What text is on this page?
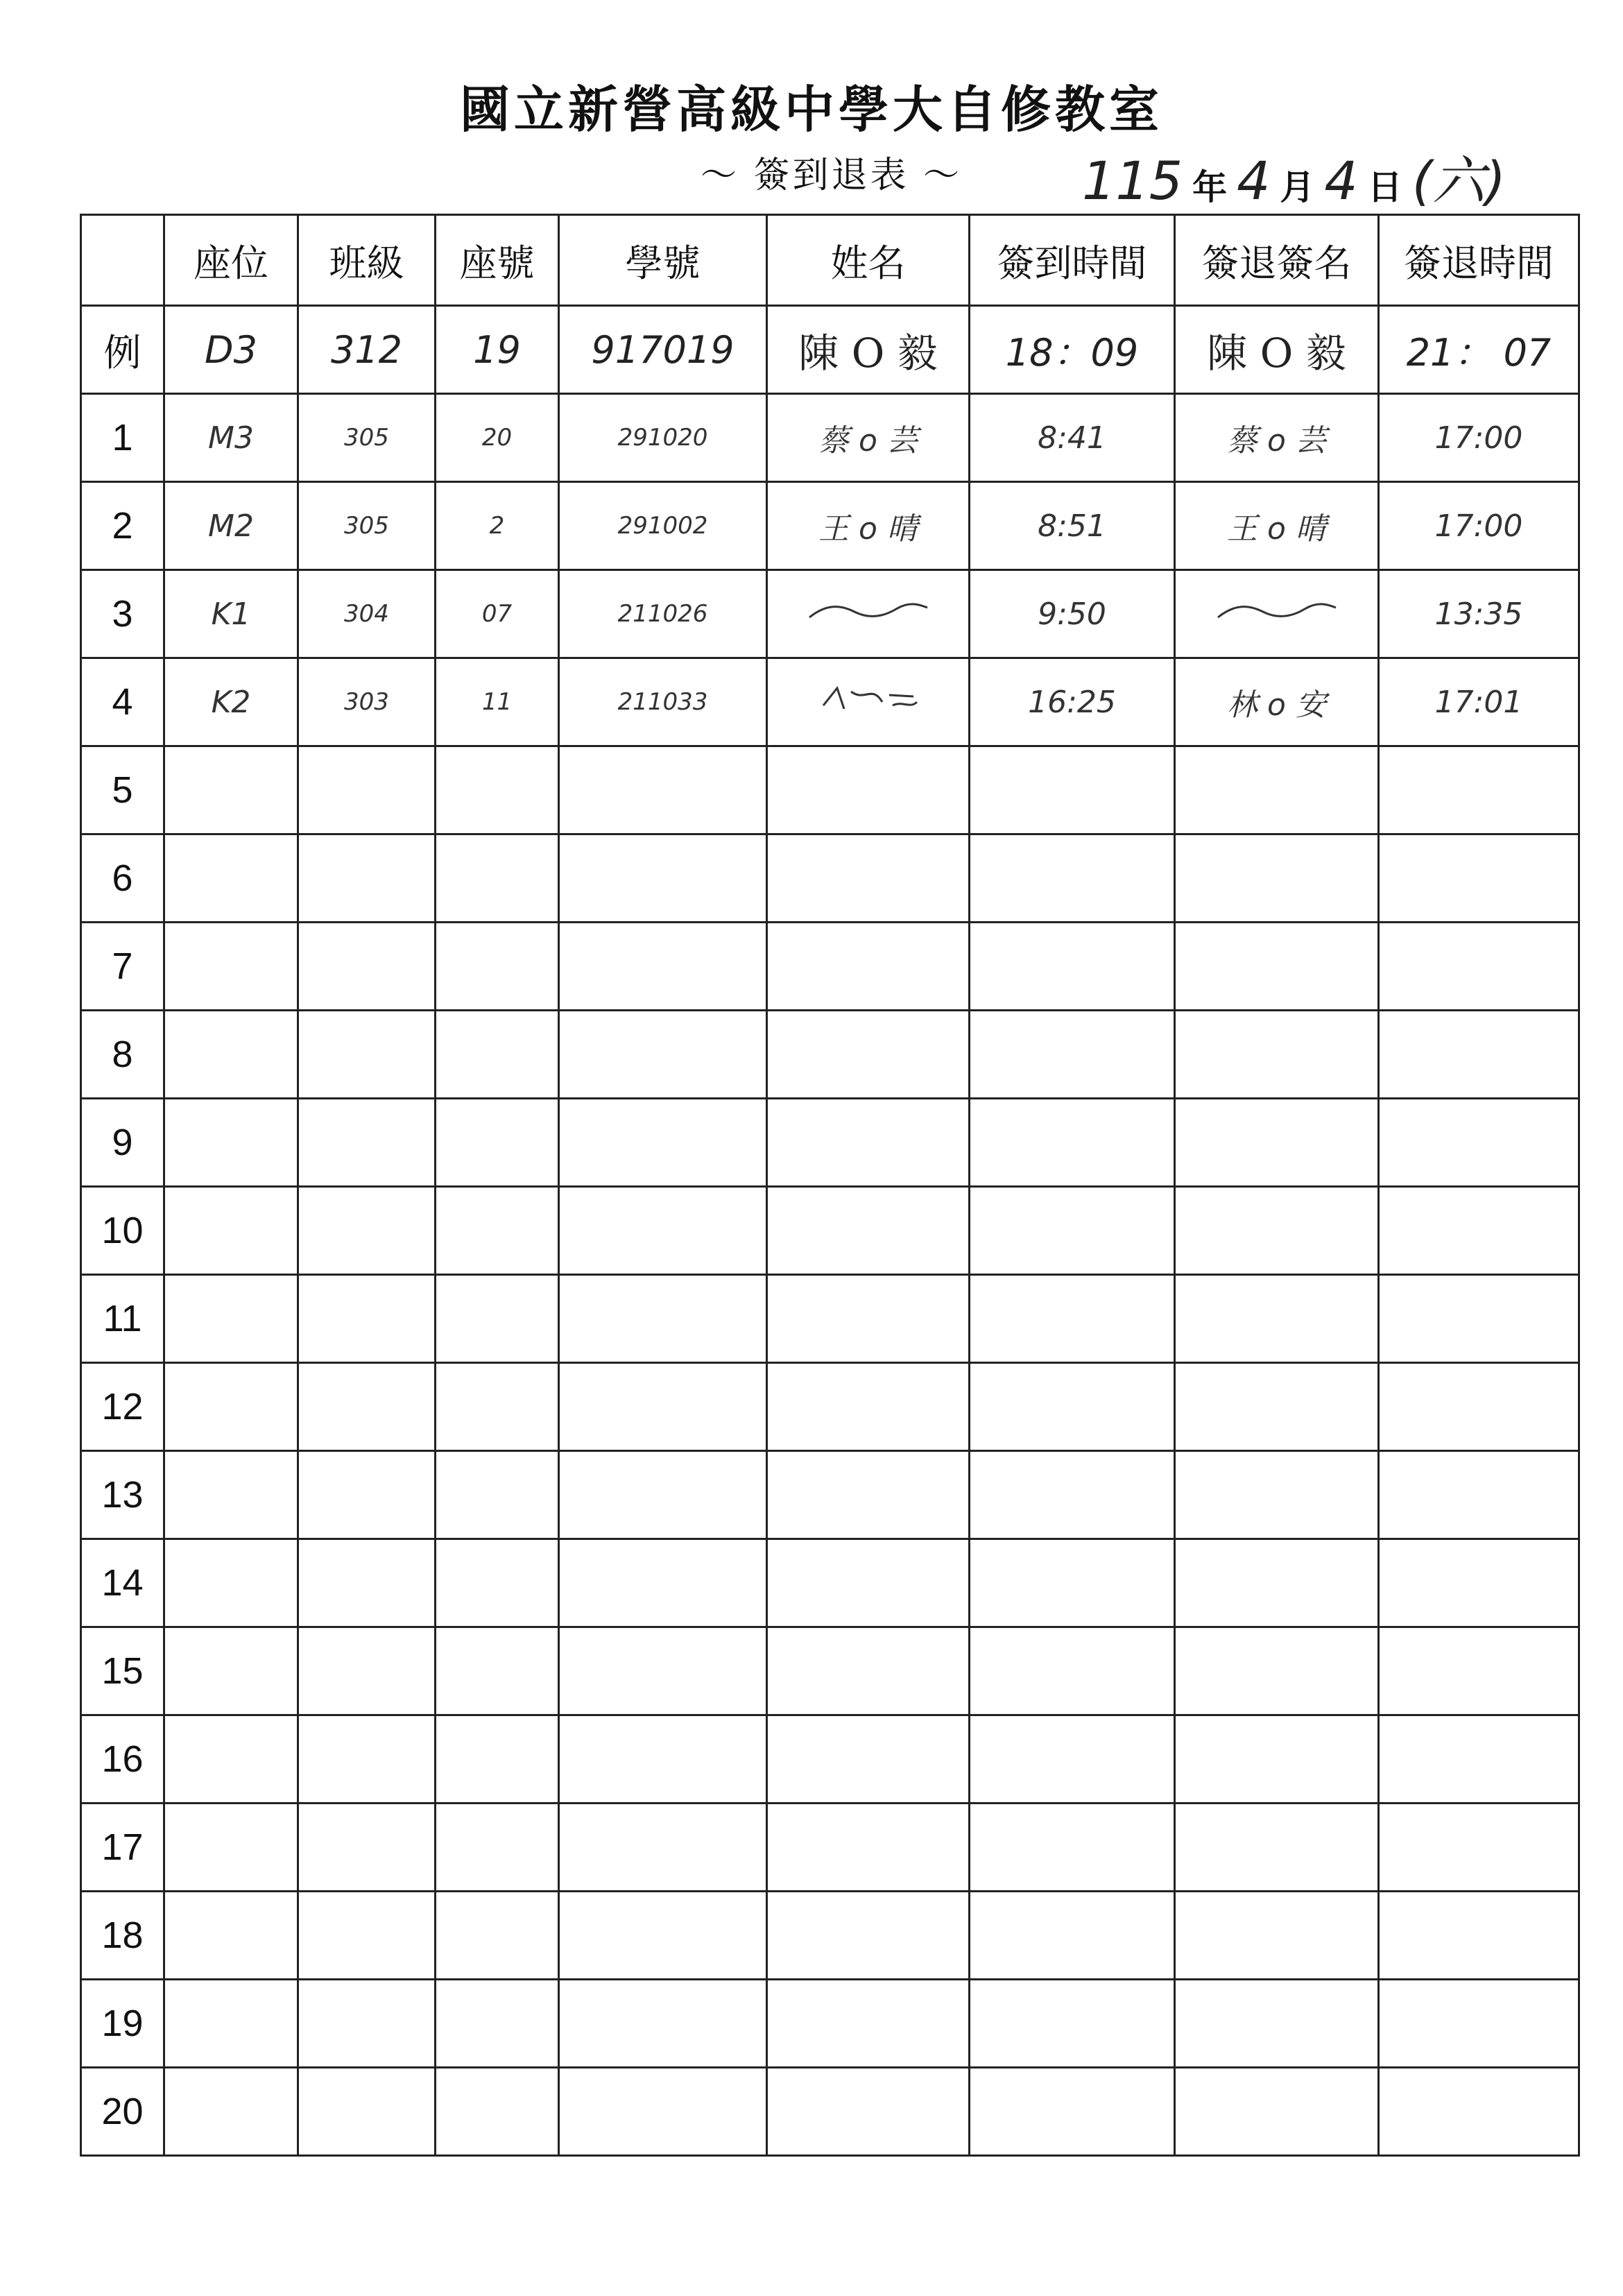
國立新營高級中學大自修教室
～ 簽到退表 ～ 115 年 4 月 4 日 (六)
	座位	班級	座號	學號	姓名	簽到時間	簽退簽名	簽退時間
例	D3	312	19	917019	陳 O 毅	18：09	陳 O 毅	21： 07
1	M3	305	20	291020	蔡 o 芸	8:41	蔡 o 芸	17:00
2	M2	305	2	291002	王 o 晴	8:51	王 o 晴	17:00
3	K1	304	07	211026		9:50		13:35
4	K2	303	11	211033		16:25	林 o 安	17:01
5								
6								
7								
8								
9								
10								
11								
12								
13								
14								
15								
16								
17								
18								
19								
20								
